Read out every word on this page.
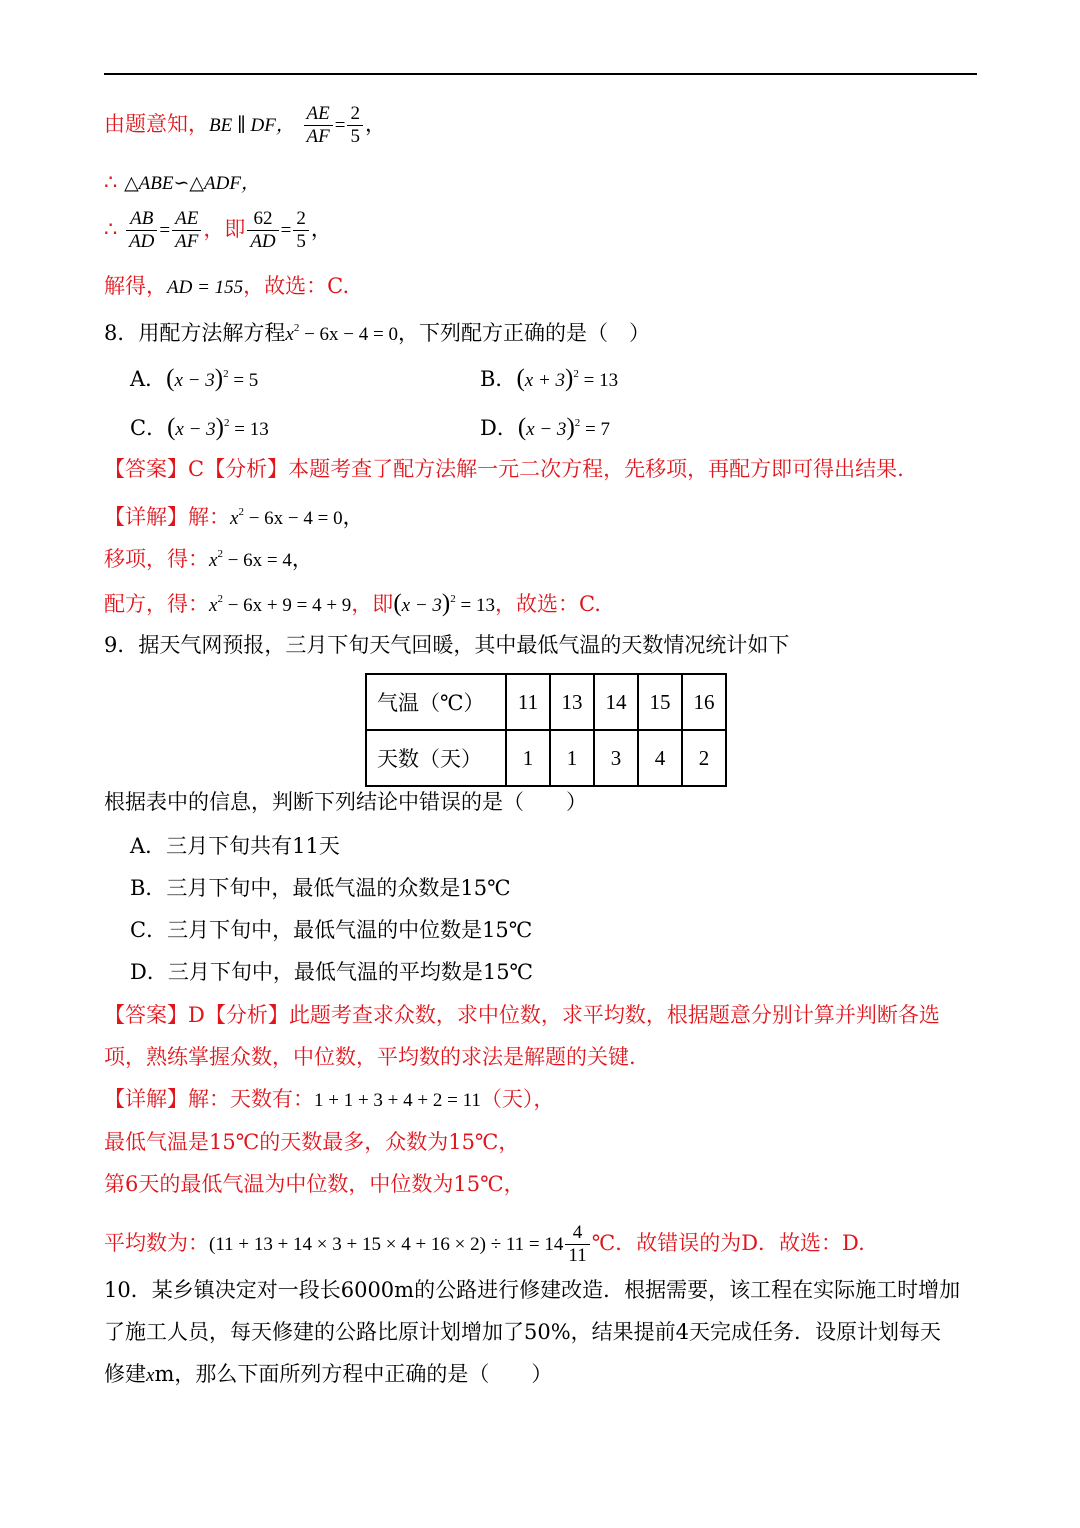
由题意知，BE ∥ DF， $\frac{AE}{AF} = \frac{2}{5}$ ，
∴ △ABE∽△ADF，
∴ $\frac{AB}{AD} = \frac{AE}{AF}$ ，即 $\frac{62}{AD} = \frac{2}{5}$ ，
解得，AD = 155，故选：C.
8．用配方法解方程$x^2 - 6x - 4 = 0$，下列配方正确的是（　）
A．$(x - 3)^2 = 5$	B．$(x + 3)^2 = 13$
C．$(x - 3)^2 = 13$	D．$(x - 3)^2 = 7$
【答案】C【分析】本题考查了配方法解一元二次方程，先移项，再配方即可得出结果.
【详解】解：$x^2 - 6x - 4 = 0$，
移项，得：$x^2 - 6x = 4$，
配方，得：$x^2 - 6x + 9 = 4 + 9$，即$(x - 3)^2 = 13$，故选：C.
9．据天气网预报，三月下旬天气回暖，其中最低气温的天数情况统计如下
气温（℃）	11	13	14	15	16
天数（天）	1	1	3	4	2
根据表中的信息，判断下列结论中错误的是（　　）
A．三月下旬共有11天
B．三月下旬中，最低气温的众数是15℃
C．三月下旬中，最低气温的中位数是15℃
D．三月下旬中，最低气温的平均数是15℃
【答案】D【分析】此题考查求众数，求中位数，求平均数，根据题意分别计算并判断各选
项，熟练掌握众数，中位数，平均数的求法是解题的关键.
【详解】解：天数有：1 + 1 + 3 + 4 + 2 = 11（天），
最低气温是15℃的天数最多，众数为15℃，
第6天的最低气温为中位数，中位数为15℃，
平均数为：$(11 + 13 + 14 \times 3 + 15 \times 4 + 16 \times 2) \div 11 = 14 \frac{4}{11}$ ℃．故错误的为D．故选：D.
10．某乡镇决定对一段长6000m的公路进行修建改造．根据需要，该工程在实际施工时增加
了施工人员，每天修建的公路比原计划增加了50%，结果提前4天完成任务．设原计划每天
修建xm，那么下面所列方程中正确的是（　　）
